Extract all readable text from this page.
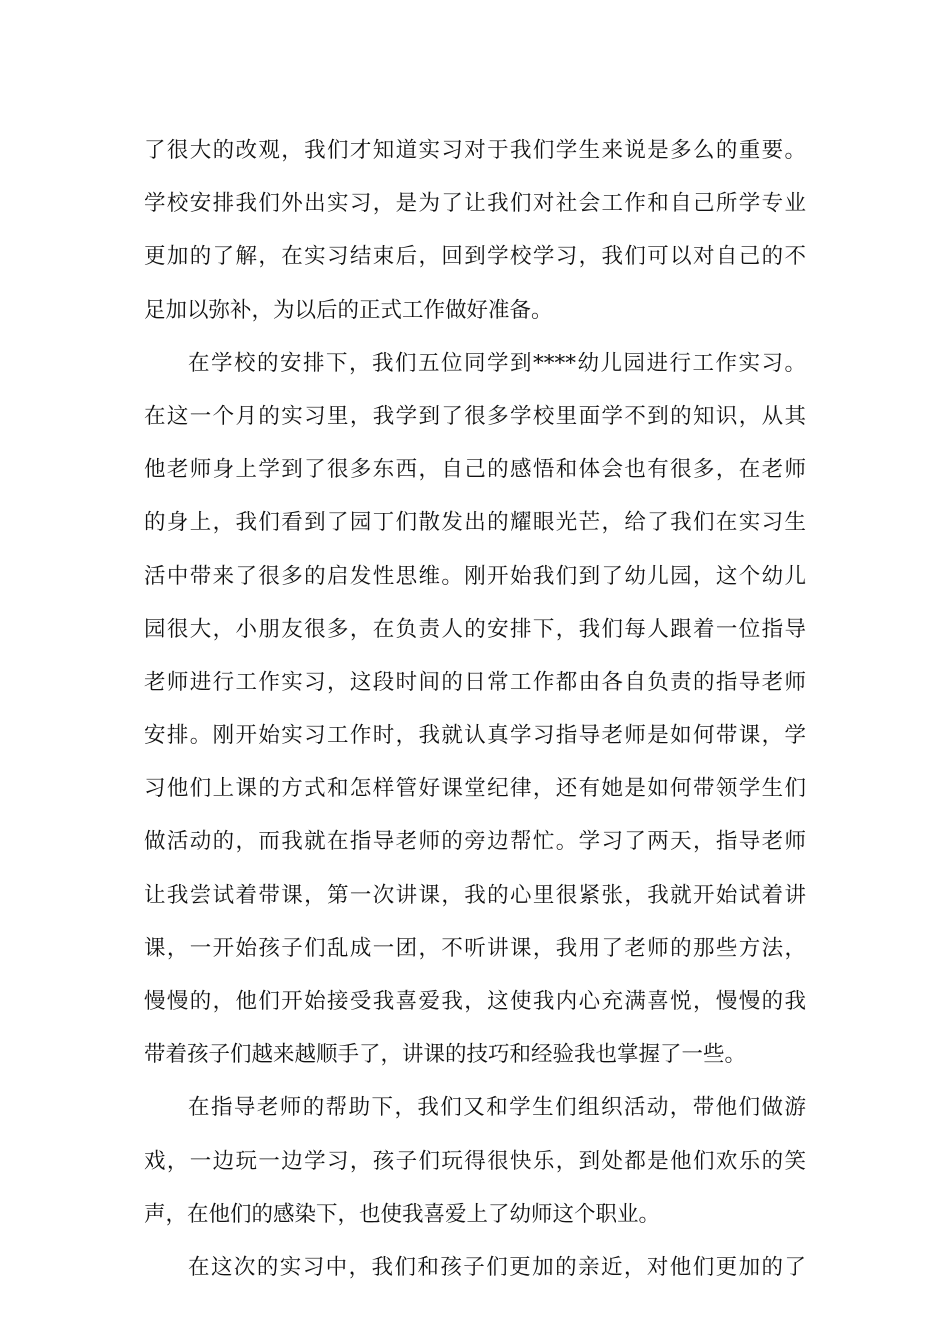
了很大的改观，我们才知道实习对于我们学生来说是多么的重要。
学校安排我们外出实习，是为了让我们对社会工作和自己所学专业
更加的了解，在实习结束后，回到学校学习，我们可以对自己的不
足加以弥补，为以后的正式工作做好准备。
在学校的安排下，我们五位同学到****幼儿园进行工作实习。
在这一个月的实习里，我学到了很多学校里面学不到的知识，从其
他老师身上学到了很多东西，自己的感悟和体会也有很多，在老师
的身上，我们看到了园丁们散发出的耀眼光芒，给了我们在实习生
活中带来了很多的启发性思维。刚开始我们到了幼儿园，这个幼儿
园很大，小朋友很多，在负责人的安排下，我们每人跟着一位指导
老师进行工作实习，这段时间的日常工作都由各自负责的指导老师
安排。刚开始实习工作时，我就认真学习指导老师是如何带课，学
习他们上课的方式和怎样管好课堂纪律，还有她是如何带领学生们
做活动的，而我就在指导老师的旁边帮忙。学习了两天，指导老师
让我尝试着带课，第一次讲课，我的心里很紧张，我就开始试着讲
课，一开始孩子们乱成一团，不听讲课，我用了老师的那些方法，
慢慢的，他们开始接受我喜爱我，这使我内心充满喜悦，慢慢的我
带着孩子们越来越顺手了，讲课的技巧和经验我也掌握了一些。
在指导老师的帮助下，我们又和学生们组织活动，带他们做游
戏，一边玩一边学习，孩子们玩得很快乐，到处都是他们欢乐的笑
声，在他们的感染下，也使我喜爱上了幼师这个职业。
在这次的实习中，我们和孩子们更加的亲近，对他们更加的了
